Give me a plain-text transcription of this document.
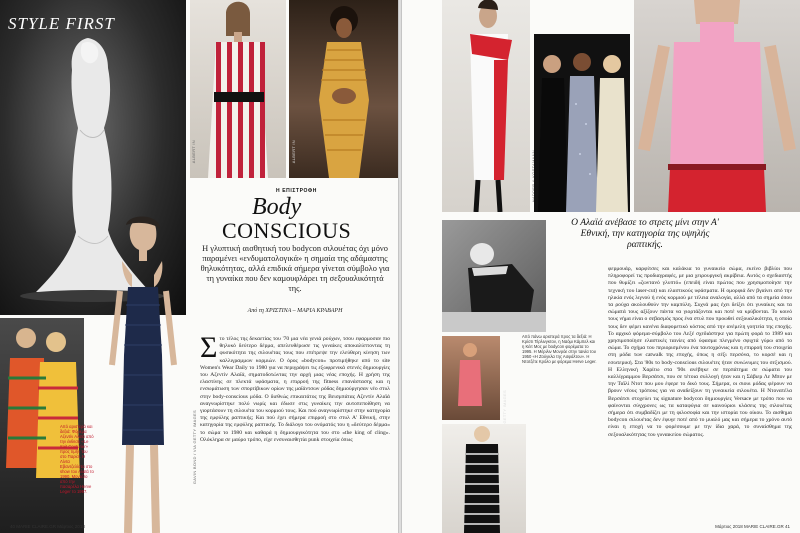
STYLE FIRST
ALBERT IN	ALBERT IN
Η ΕΠΙΣΤΡΟΦΗ
Body
CONSCIOUS
Η γλυπτική αισθητική του bodycon σιλουέτας όχι μόνο παραμένει «ενδυματολογικά» η σημαία της αδάμαστης θηλυκότητας, αλλά επιδικά σήμερα γίνεται σύμβολο για τη γυναίκα που δεν καμουφλάρει τη σεξουαλικότητά της.
Από τη ΧΡΙΣΤΙΝΑ – ΜΑΡΙΑ ΚΡΑΒΑΡΗ
Από αριστερά και δεξιά: Φόρεμα Αζεντίν Αλαϊά από την έκθεση «Le Sait Couturier» προς τιμήν του στο Παρίσι. Η Λίντα Εβαντζελίστα στο show του Αλαϊά το 1990. Μοντέλο από την πασαρέλα Herve Leger το 1997.
GAVIN BOND / VIA GETTY IMAGES
Στο τέλος της δεκαετίας του '70 μια νέα γενιά ρούχων, τσου εφαρμοσαν πιο θηλυκό δεύτερο δέρμα, απελευθέρωσε τις γυναίκες αποκαλύπτοντας τη φυσικότητα της σιλουέτας τους που επέτρεψε την ελεύθερη κίνηση των καλλιγραμμων κορμιών. Ο όρος «bodycon» προτιμήθηκε από το site Women's Wear Daily το 1980 για να περιγράψει τις εξωφρενικά στενές δημιουργίες του Αζεντίν Αλαϊά, σηματοδοτώντας την αρχή μιας νέας εποχής. Η χρήση της ελαστίνης σε πλεκτά υφάσματα, η επιρροή της fitness επανάστασης και η ενσωμάτωση των σπορτίβικων ορίων της μαϊάντσων ρόδας δημιούργησαν νέο στυλ στην body-conscious μόδα. Ο διεθνώς επικαιτάτος της Βεισμπάτας Αζεντίν Αλαϊά αναγνωρίστηκε πολύ νωρίς και έδωσε στις γυναίκες την αυτοπεποίθηση να γιορτάσουν τη σιλουέτα του κορμιού τους. Και πού αναγνωρίστηκε στην κατηγορία της εμφύλης ραπτικής; Και πού έχει σήμερα επιρροή στο στυλ Α' Εθνική, στην κατηγορία της εμφύλης ραπτικής. Το διάλογο του ονόματός του η «δεύτερο δέρμα» το σώμα το 1980 και καθαρά η δημιουργικότητα του στο «the king of cling». Ολόκληρα σε μαύρο τρόπο, είχε ενσυναισθητία punk στοιχεία όπως
40 MARIE CLAIRE.GR Μάρτιος 2018
Ο Αλαϊά ανέβασε το στρετς μίνι στην Α' Εθνική, την κατηγορία της υψηλής ραπτικής.
Από πάνω αριστερά προς τα δεξιά: Η Κρίστι Τέρλινγκτον, η Ναόμι Κάμπελ και η Κέιτ Μος με bodycon φορέματα το 1995. Η Μέριλιν Μονρόε στην ταινία του 1950 «Η Ζούγκλα της Ασφάλτου». Η Ντοτζέτε Κρόλο με φόρεμα Herve Leger.
GETTY IMAGES
φερμουάρ, καρφίτσες και καλάκια το γυναικείο σώμα, εκείνο βιβλίοι που πληροφορεί τις προδιαγραφές, με μια χειρουργική ακρίβεια. Αυτός ο σχεδιαστής που θυμίζει «ζωντανό γλυπτό» (επειδή είναι πρώτος που χρησιμοποίησε την τεχνική του laser-cut) και ελαστικούς υφάσματα. Η ομορφιά δεν βγαίνει από την ηλικία ενός λιγνού ή ενός κορμιού με τέλεια αναλογία, αλλά από τα σημεία όπου τα ρούχα ακολουθούν την καμπύλη. Συχνά μας έχει δείξει ότι γυναίκες και τα σώματά τους αξίζουν πάντα να γιορτάζονται και ποτέ να κρύβονται. Το κοινό τους νήμα είναι ο σεβασμός προς ένα στυλ που προωθεί σεξουαλικότητα, η οποία τους δεν φέρει κανένα διαφορετικό κόστος από την ανέμελη γοητεία της εποχής. Το αρχικό φόρεμα-σύμβολο του Λεξέ σχεδιάστηκε για πρώτη φορά το 1989 και χρησιμοποίησε ελαστικές ταινίες από ύφασμα πλεγμένο σφιχτά γύρω από το σώμα. Το σχήμα του περιορισμένου ένα ταυτοχρόνως και η επιρροή του στοιχεία στη μόδα των catwalk της εποχής, όπως η σέξι περσόνα, το κορσέ και η εσωτερική. Στα '80s το body-conscious σιλουέτες ήταν συνώνυμες του σεξισμού. Η Ελληνική Χαρίτω στα '90s ανέβηκε σε περπάτημα σε σώματα του καλλίγραμμου Βερσάτσι, που σε τέτοια συλλογή ήταν και η Σάβιερ Λε Μπον με την Ταϊλί Ντοτ που μου έφερε το δικό τους. Σήμερα, οι σιουι μόδας φέρουν να βρουν νέους τρόπους για να αναδείξουν τη γυναικεία σιλουέτα. Η Ντονατέλα Βερσάτσι στοχεύει τις signature bodycon δημιουργίες Versace με τρόπο που να φαίνονται σύγχρονες ως τα καταφύγια σε καινούριοι κλάσεις της σιλουέτας σήμερα ότι συμβαδίζει με τη φιλοσοφία και την ιστορία του οίκου. Το αισθημα bodycon σιλουέτας δεν έφυγε ποτέ από το μυαλό μας και σήμερα το χρόνο αυτό είναι η εποχή να το φορέσουμε με την ίδια χαρά, το συναίσθημα της σεξουαλικότητας του γυναικείου σώματος.
Μάρτιος 2018 MARIE CLAIRE.GR 41
